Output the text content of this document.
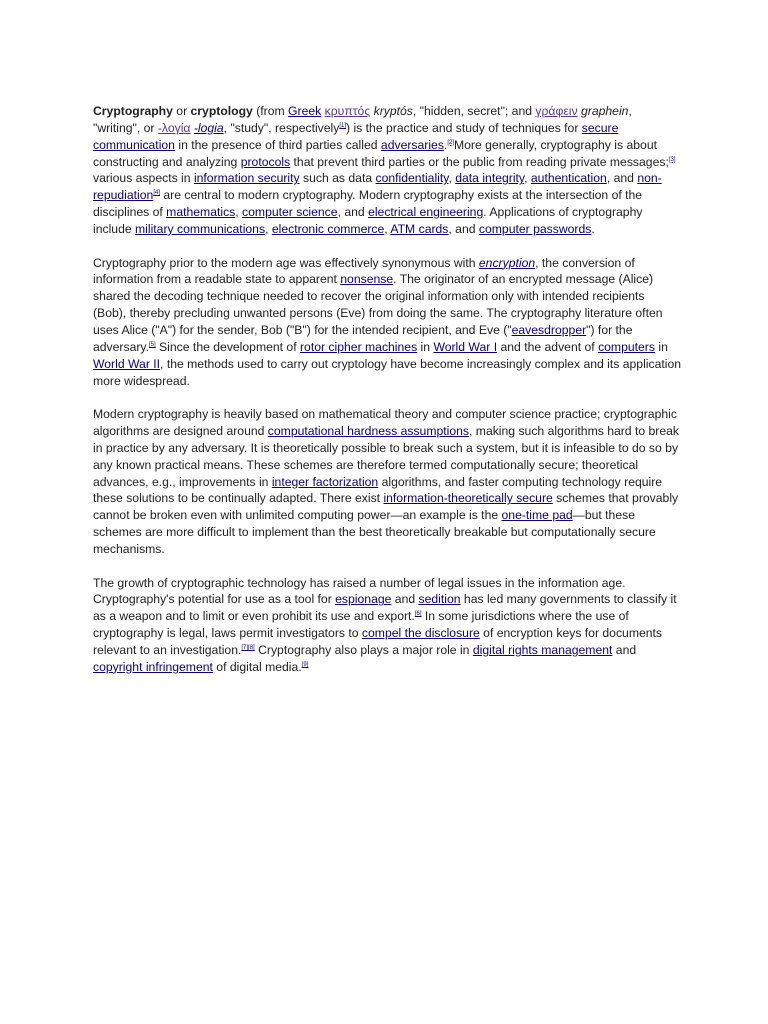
Cryptography or cryptology (from Greek κρυπτός kryptós, "hidden, secret"; and γράφειν graphein, "writing", or -λογία -logia, "study", respectively[1]) is the practice and study of techniques for secure communication in the presence of third parties called adversaries.[2]More generally, cryptography is about constructing and analyzing protocols that prevent third parties or the public from reading private messages;[3] various aspects in information security such as data confidentiality, data integrity, authentication, and non-repudiation[4] are central to modern cryptography. Modern cryptography exists at the intersection of the disciplines of mathematics, computer science, and electrical engineering. Applications of cryptography include military communications, electronic commerce, ATM cards, and computer passwords.

Cryptography prior to the modern age was effectively synonymous with encryption, the conversion of information from a readable state to apparent nonsense. The originator of an encrypted message (Alice) shared the decoding technique needed to recover the original information only with intended recipients (Bob), thereby precluding unwanted persons (Eve) from doing the same. The cryptography literature often uses Alice ("A") for the sender, Bob ("B") for the intended recipient, and Eve ("eavesdropper") for the adversary.[5] Since the development of rotor cipher machines in World War I and the advent of computers in World War II, the methods used to carry out cryptology have become increasingly complex and its application more widespread.

Modern cryptography is heavily based on mathematical theory and computer science practice; cryptographic algorithms are designed around computational hardness assumptions, making such algorithms hard to break in practice by any adversary. It is theoretically possible to break such a system, but it is infeasible to do so by any known practical means. These schemes are therefore termed computationally secure; theoretical advances, e.g., improvements in integer factorization algorithms, and faster computing technology require these solutions to be continually adapted. There exist information-theoretically secure schemes that provably cannot be broken even with unlimited computing power—an example is the one-time pad—but these schemes are more difficult to implement than the best theoretically breakable but computationally secure mechanisms.

The growth of cryptographic technology has raised a number of legal issues in the information age. Cryptography's potential for use as a tool for espionage and sedition has led many governments to classify it as a weapon and to limit or even prohibit its use and export.[6] In some jurisdictions where the use of cryptography is legal, laws permit investigators to compel the disclosure of encryption keys for documents relevant to an investigation.[7][8] Cryptography also plays a major role in digital rights management and copyright infringement of digital media.[9]
